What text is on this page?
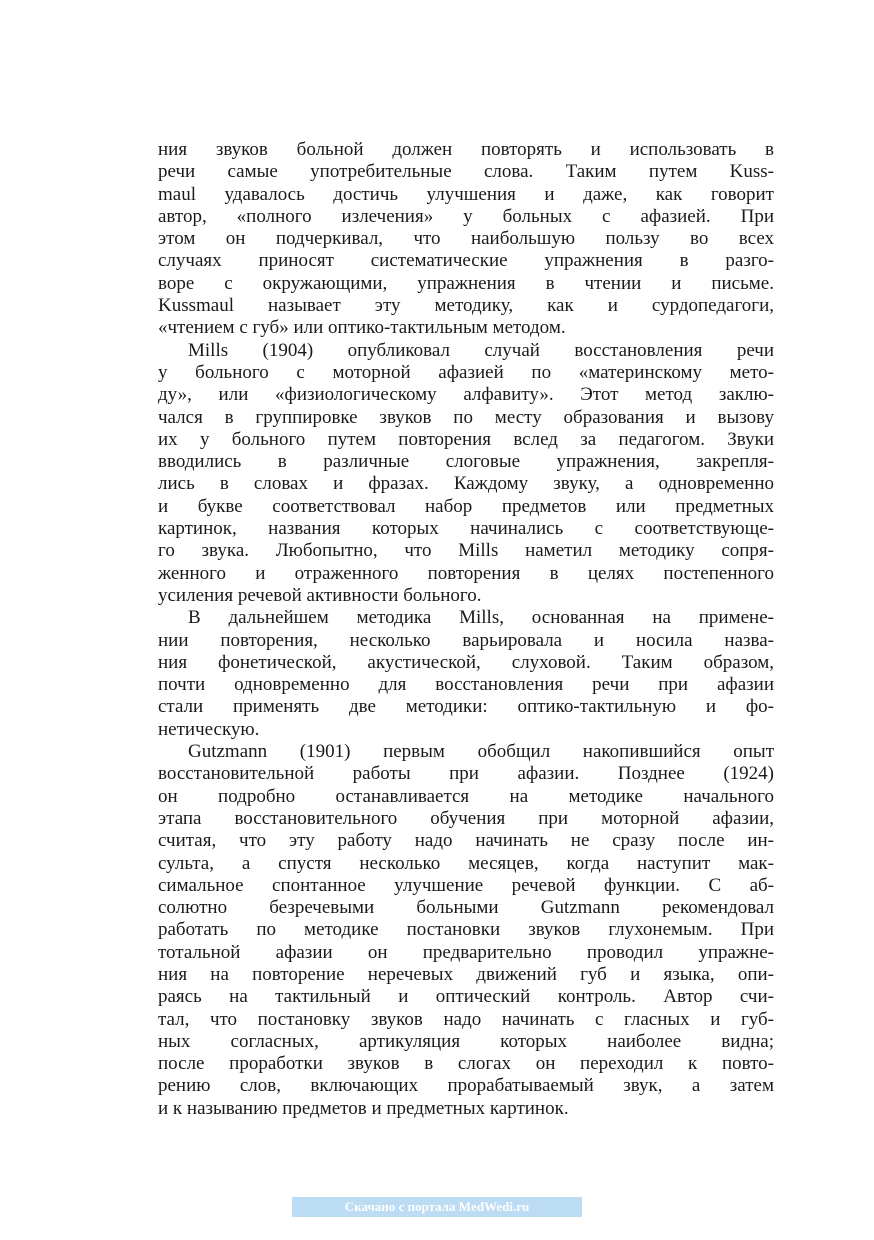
ния звуков больной должен повторять и использовать в
речи самые употребительные слова. Таким путем Kuss-
maul удавалось достичь улучшения и даже, как говорит
автор, «полного излечения» у больных с афазией. При
этом он подчеркивал, что наибольшую пользу во всех
случаях приносят систематические упражнения в разго-
воре с окружающими, упражнения в чтении и письме.
Kussmaul называет эту методику, как и сурдопедагоги,
«чтением с губ» или оптико-тактильным методом.
Mills (1904) опубликовал случай восстановления речи
у больного с моторной афазией по «материнскому мето-
ду», или «физиологическому алфавиту». Этот метод заклю-
чался в группировке звуков по месту образования и вызову
их у больного путем повторения вслед за педагогом. Звуки
вводились в различные слоговые упражнения, закрепля-
лись в словах и фразах. Каждому звуку, а одновременно
и букве соответствовал набор предметов или предметных
картинок, названия которых начинались с соответствующе-
го звука. Любопытно, что Mills наметил методику сопря-
женного и отраженного повторения в целях постепенного
усиления речевой активности больного.
В дальнейшем методика Mills, основанная на примене-
нии повторения, несколько варьировала и носила назва-
ния фонетической, акустической, слуховой. Таким образом,
почти одновременно для восстановления речи при афазии
стали применять две методики: оптико-тактильную и фо-
нетическую.
Gutzmann (1901) первым обобщил накопившийся опыт
восстановительной работы при афазии. Позднее (1924)
он подробно останавливается на методике начального
этапа восстановительного обучения при моторной афазии,
считая, что эту работу надо начинать не сразу после ин-
сульта, а спустя несколько месяцев, когда наступит мак-
симальное спонтанное улучшение речевой функции. С аб-
солютно безречевыми больными Gutzmann рекомендовал
работать по методике постановки звуков глухонемым. При
тотальной афазии он предварительно проводил упражне-
ния на повторение неречевых движений губ и языка, опи-
раясь на тактильный и оптический контроль. Автор счи-
тал, что постановку звуков надо начинать с гласных и губ-
ных согласных, артикуляция которых наиболее видна;
после проработки звуков в слогах он переходил к повто-
рению слов, включающих прорабатываемый звук, а затем
и к называнию предметов и предметных картинок.
Скачано с портала MedWedi.ru
